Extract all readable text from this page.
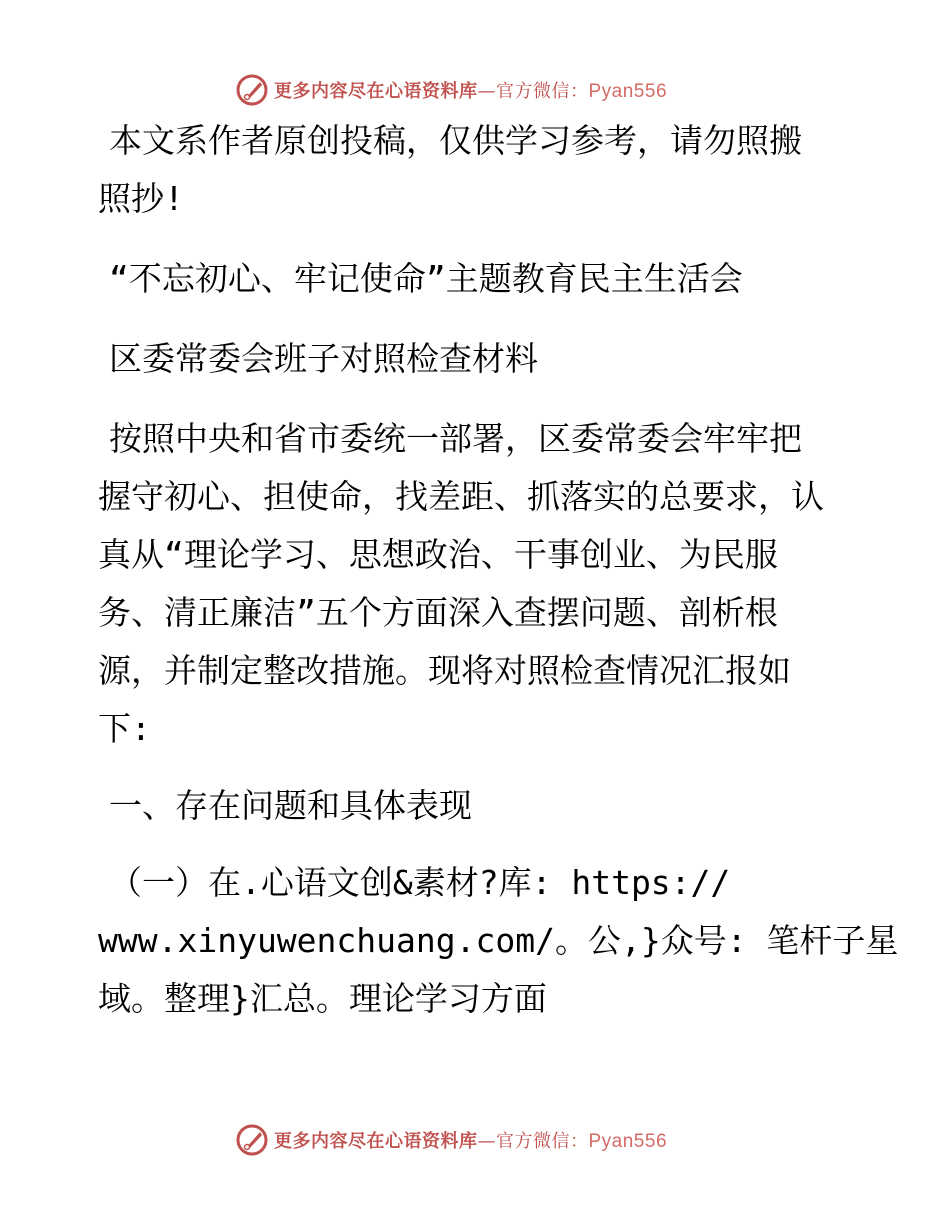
更多内容尽在心语资料库—官方微信：Pyan556
本文系作者原创投稿，仅供学习参考，请勿照搬
照抄!
“不忘初心、牢记使命”主题教育民主生活会
区委常委会班子对照检查材料
按照中央和省市委统一部署，区委常委会牢牢把
握守初心、担使命，找差距、抓落实的总要求，认
真从“理论学习、思想政治、干事创业、为民服
务、清正廉洁”五个方面深入查摆问题、剖析根
源，并制定整改措施。现将对照检查情况汇报如
下:
一、存在问题和具体表现
（一）在.心语文创&素材?库: https://
www.xinyuwenchuang.com/。公,}众号: 笔杆子星
域。整理}汇总。理论学习方面
更多内容尽在心语资料库—官方微信：Pyan556
